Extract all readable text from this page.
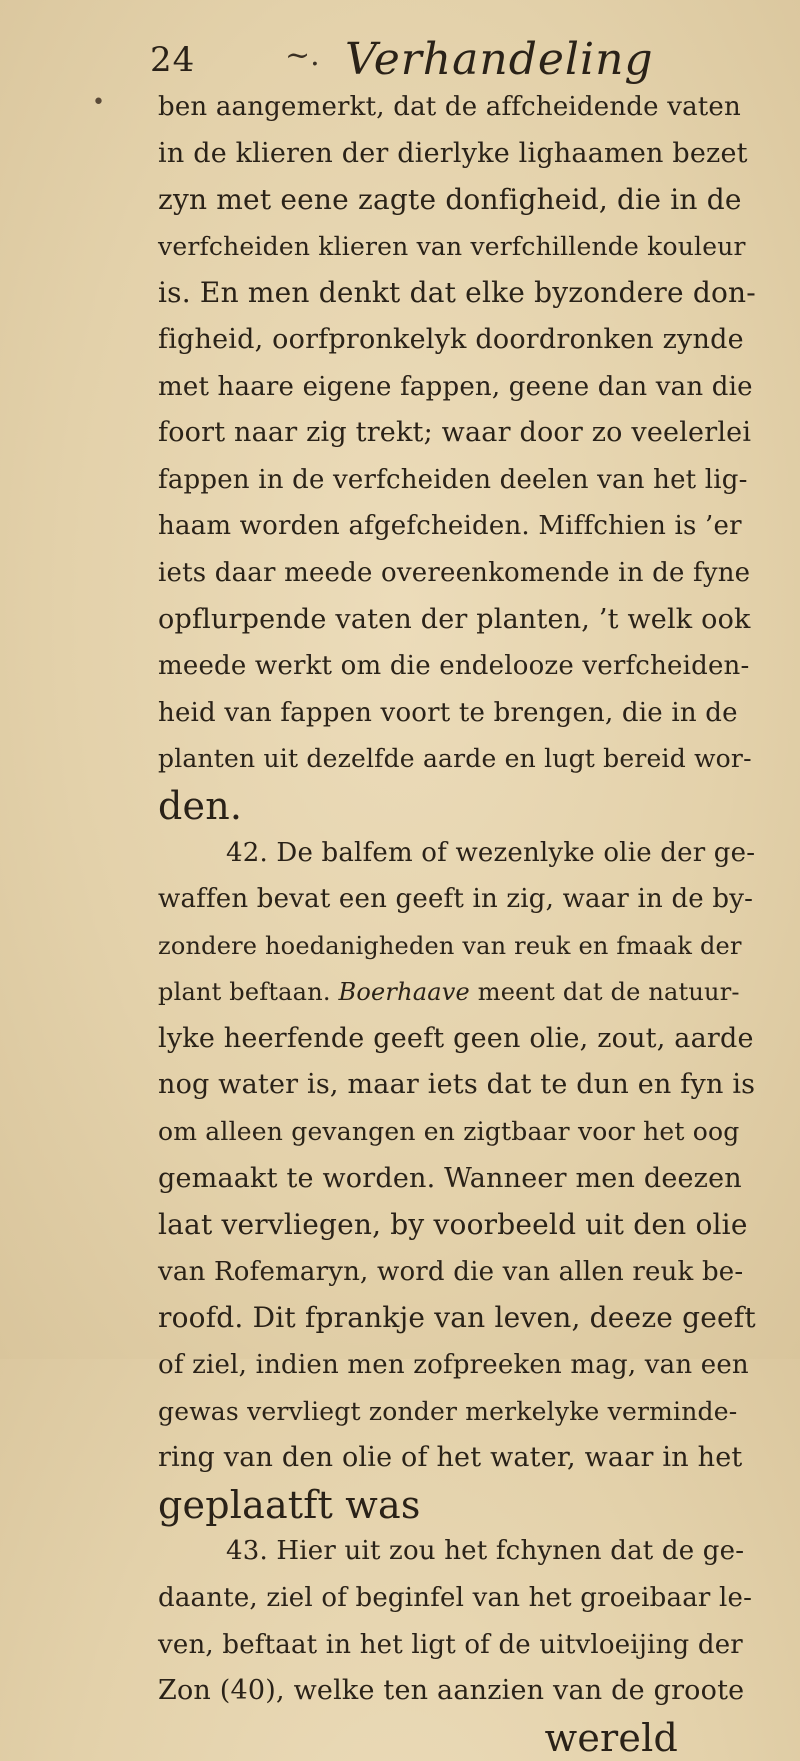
24	~. Verhandeling
• ben aangemerkt, dat de affcheidende vaten
in de klieren der dierlyke lighaamen bezet
zyn met eene zagte donfigheid, die in de
verfcheiden klieren van verfchillende kouleur
is. En men denkt dat elke byzondere don-
figheid, oorfpronkelyk doordronken zynde
met haare eigene fappen, geene dan van die
foort naar zig trekt; waar door zo veelerlei
fappen in de verfcheiden deelen van het lig-
haam worden afgefcheiden. Miffchien is ’er
iets daar meede overeenkomende in de fyne
opflurpende vaten der planten, ’t welk ook
meede werkt om die endelooze verfcheiden-
heid van fappen voort te brengen, die in de
planten uit dezelfde aarde en lugt bereid wor-
den.
42. De balfem of wezenlyke olie der ge-
waffen bevat een geeft in zig, waar in de by-
zondere hoedanigheden van reuk en fmaak der
plant beftaan. Boerhaave meent dat de natuur-
lyke heerfende geeft geen olie, zout, aarde
nog water is, maar iets dat te dun en fyn is
om alleen gevangen en zigtbaar voor het oog
gemaakt te worden. Wanneer men deezen
laat vervliegen, by voorbeeld uit den olie
van Rofemaryn, word die van allen reuk be-
roofd. Dit fprankje van leven, deeze geeft
of ziel, indien men zofpreeken mag, van een
gewas vervliegt zonder merkelyke verminde-
ring van den olie of het water, waar in het
geplaatft was
43. Hier uit zou het fchynen dat de ge-
daante, ziel of beginfel van het groeibaar le-
ven, beftaat in het ligt of de uitvloeijing der
Zon (40), welke ten aanzien van de groote
wereld
